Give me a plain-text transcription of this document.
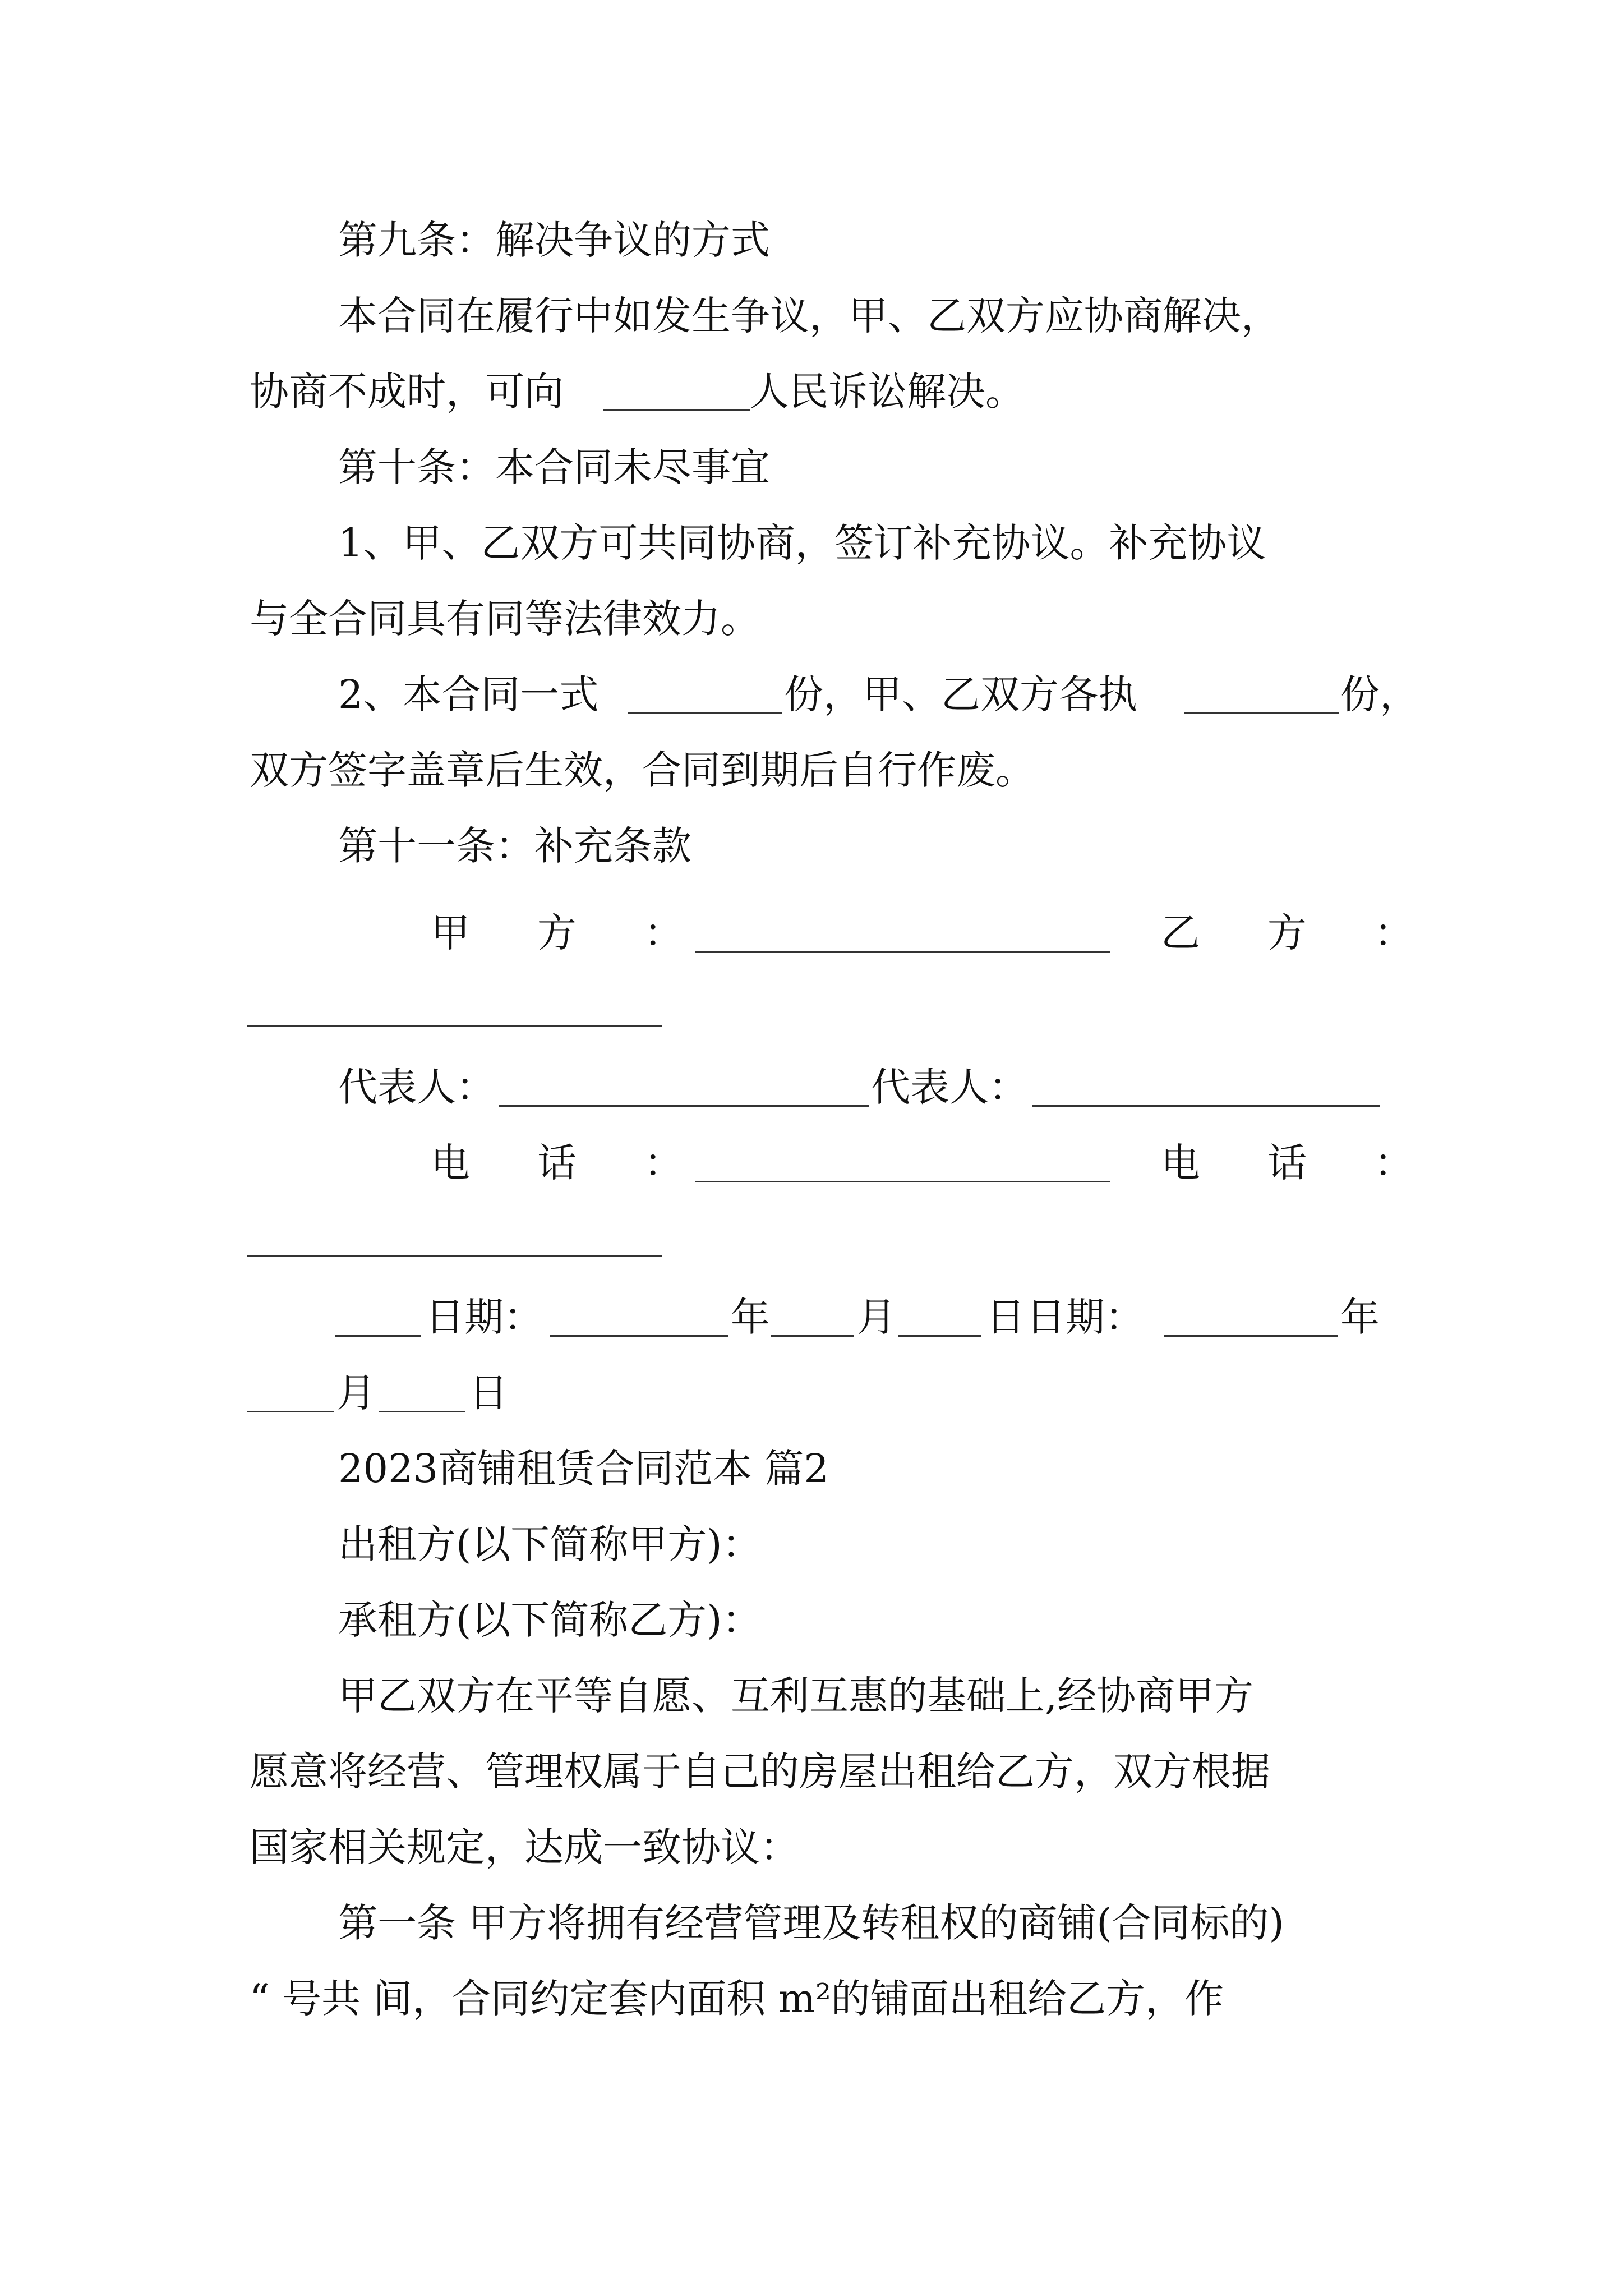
第九条：解决争议的方式
本合同在履行中如发生争议，甲、乙双方应协商解决，
协商不成时，可向	人民诉讼解决。
第十条：本合同未尽事宜
1、甲、乙双方可共同协商，签订补充协议。补充协议
与全合同具有同等法律效力。
2、本合同一式	份，甲、乙双方各执	份，
双方签字盖章后生效，合同到期后自行作废。
第十一条：补充条款
甲方：	乙方：
代表人：	代表人：
电话：	电话：
日期：	年 月 日 日期：	年
月 日
2023商铺租赁合同范本 篇2
出租方(以下简称甲方)：
承租方(以下简称乙方)：
甲乙双方在平等自愿、互利互惠的基础上,经协商甲方
愿意将经营、管理权属于自己的房屋出租给乙方，双方根据
国家相关规定，达成一致协议：
第一条 甲方将拥有经营管理及转租权的商铺(合同标的)
“ 号共 间，合同约定套内面积 m²的铺面出租给乙方，作
